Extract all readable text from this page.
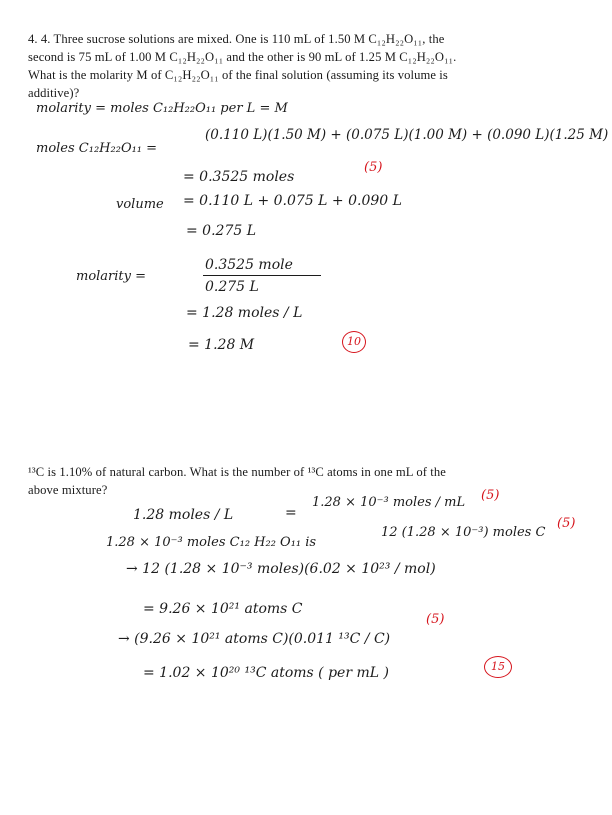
4. 4. Three sucrose solutions are mixed. One is 110 mL of 1.50 M C₁₂H₂₂O₁₁, the
second is 75 mL of 1.00 M C₁₂H₂₂O₁₁ and the other is 90 mL of 1.25 M C₁₂H₂₂O₁₁.
What is the molarity M of C₁₂H₂₂O₁₁ of the final solution (assuming its volume is
additive)?
molarity = moles C₁₂H₂₂O₁₁ per L = M
moles C₁₂H₂₂O₁₁ =
(0.110 L)(1.50 M) + (0.075 L)(1.00 M) + (0.090 L)(1.25 M)
= 0.3525 moles
(5)
volume = 0.110 L + 0.075 L + 0.090 L
= 0.275 L
molarity =
0.3525 mole
0.275 L
= 1.28 moles / L
= 1.28 M	10
¹³C is 1.10% of natural carbon. What is the number of ¹³C atoms in one mL of the
above mixture?
1.28 moles / L	=
1.28 × 10⁻³ moles / mL (5)
1.28 × 10⁻³ moles C₁₂ H₂₂ O₁₁ is
12 (1.28 × 10⁻³) moles C
(5)
→ 12 (1.28 × 10⁻³ moles)(6.02 × 10²³ / mol)
= 9.26 × 10²¹ atoms C
→ (9.26 × 10²¹ atoms C)(0.011 ¹³C / C)
(5)
= 1.02 × 10²⁰ ¹³C atoms ( per mL )	15
